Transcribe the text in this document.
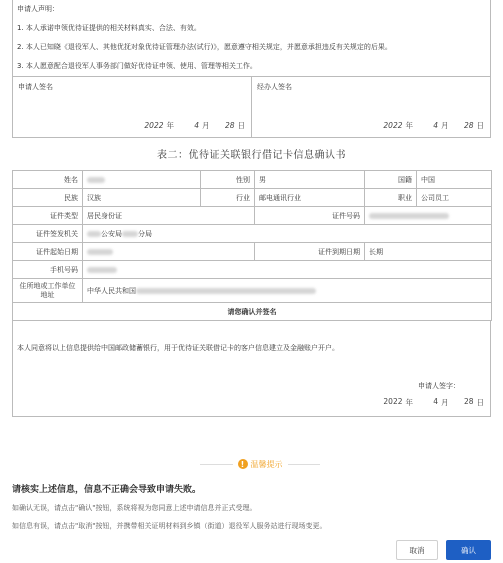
申请人声明：
1. 本人承诺申领优待证提供的相关材料真实、合法、有效。
2. 本人已知晓《退役军人、其他优抚对象优待证管理办法(试行)》，愿意遵守相关规定，并愿意承担违反有关规定的后果。
3. 本人愿意配合退役军人事务部门做好优待证申领、使用、管理等相关工作。
申请人签名
2022 年	4 月	28 日
经办人签名
2022 年	4 月	28 日
表二：优待证关联银行借记卡信息确认书
姓名		性别	男	国籍	中国
民族	汉族	行业	邮电通讯行业	职业	公司员工
证件类型	居民身份证		证件号码		
证件签发机关	公安局 分局				
证件起始日期			证件到期日期	长期	
手机号码					
住所地或工作单位地址	中华人民共和国				
请您确认并签名					
本人同意将以上信息提供给中国邮政储蓄银行，用于优待证关联借记卡的客户信息建立及金融账户开户。
申请人签字：
2022 年	4 月	28 日
! 温馨提示
请核实上述信息，信息不正确会导致申请失败。
如确认无误，请点击"确认"按钮，系统将视为您同意上述申请信息并正式受理。
如信息有误，请点击"取消"按钮，并携带相关证明材料到乡镇（街道）退役军人服务站进行现场变更。
取消	确认
